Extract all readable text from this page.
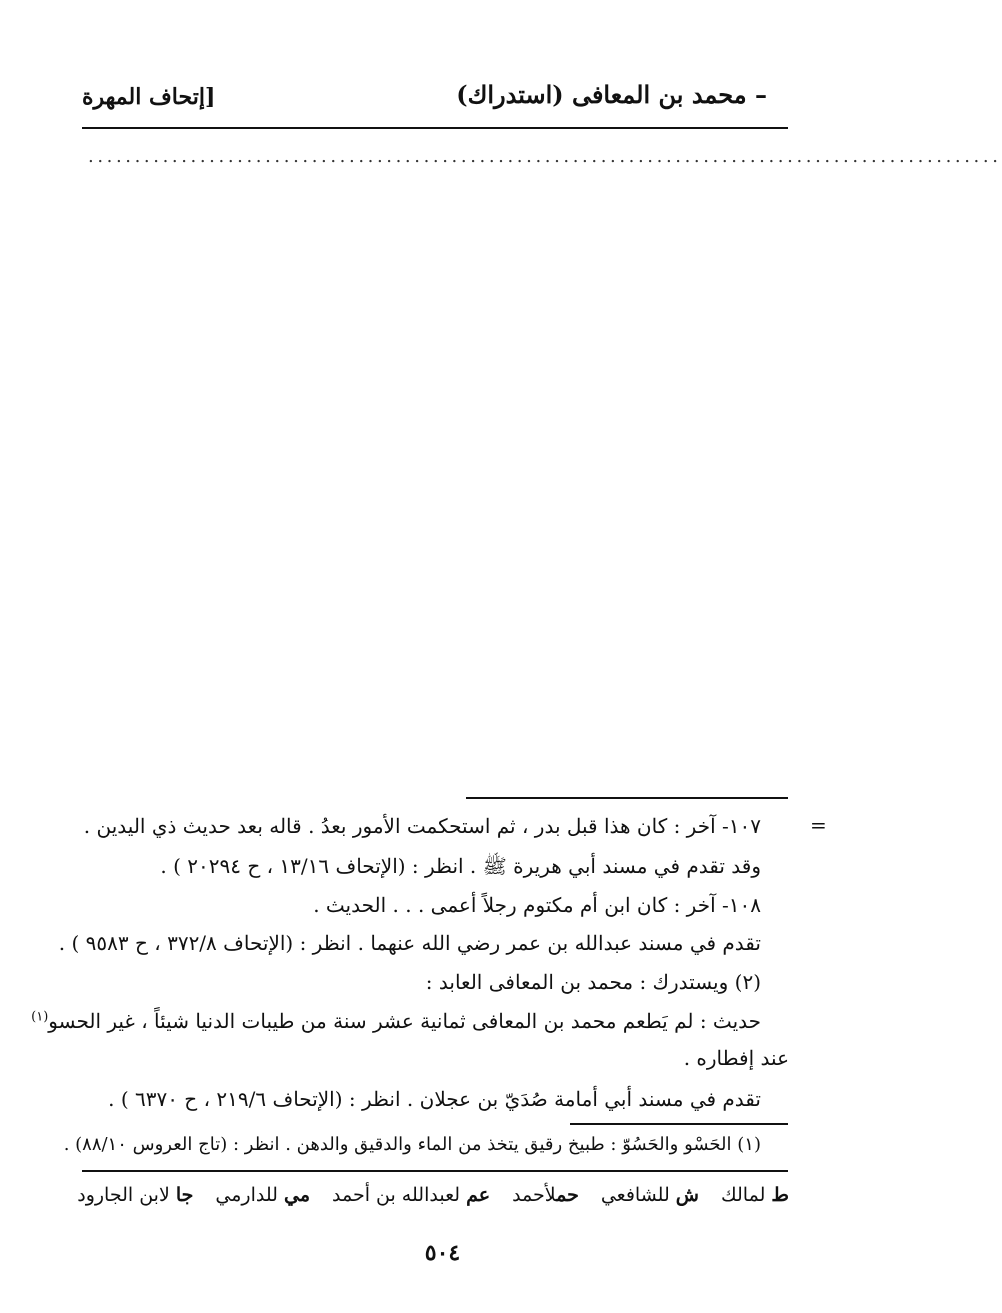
– محمد بن المعافى (استدراك)
[إتحاف المهرة
..................................................................................................
=
١٠٧- آخر : كان هذا قبل بدر ، ثم استحكمت الأمور بعدُ . قاله بعد حديث ذي اليدين .
وقد تقدم في مسند أبي هريرة ﷺ . انظر : (الإتحاف ١٣/١٦ ، ح ٢٠٢٩٤ ) .
١٠٨- آخر : كان ابن أم مكتوم رجلاً أعمى . . . الحديث .
تقدم في مسند عبدالله بن عمر رضي الله عنهما . انظر : (الإتحاف ٣٧٢/٨ ، ح ٩٥٨٣ ) .
(٢) ويستدرك : محمد بن المعافى العابد :
حديث : لم يَطعم محمد بن المعافى ثمانية عشر سنة من طيبات الدنيا شيئاً ، غير الحسو$^{(١)}$
عند إفطاره .
تقدم في مسند أبي أمامة صُدَيّ بن عجلان . انظر : (الإتحاف ٢١٩/٦ ، ح ٦٣٧٠ ) .
(١) الحَسْو والحَسُوّ : طبيخ رقيق يتخذ من الماء والدقيق والدهن . انظر : (تاج العروس ٨٨/١٠) .
ط لمالك
ش للشافعي
حملأحمد
عم لعبدالله بن أحمد
مي للدارمي
جا لابن الجارود
٥٠٤
